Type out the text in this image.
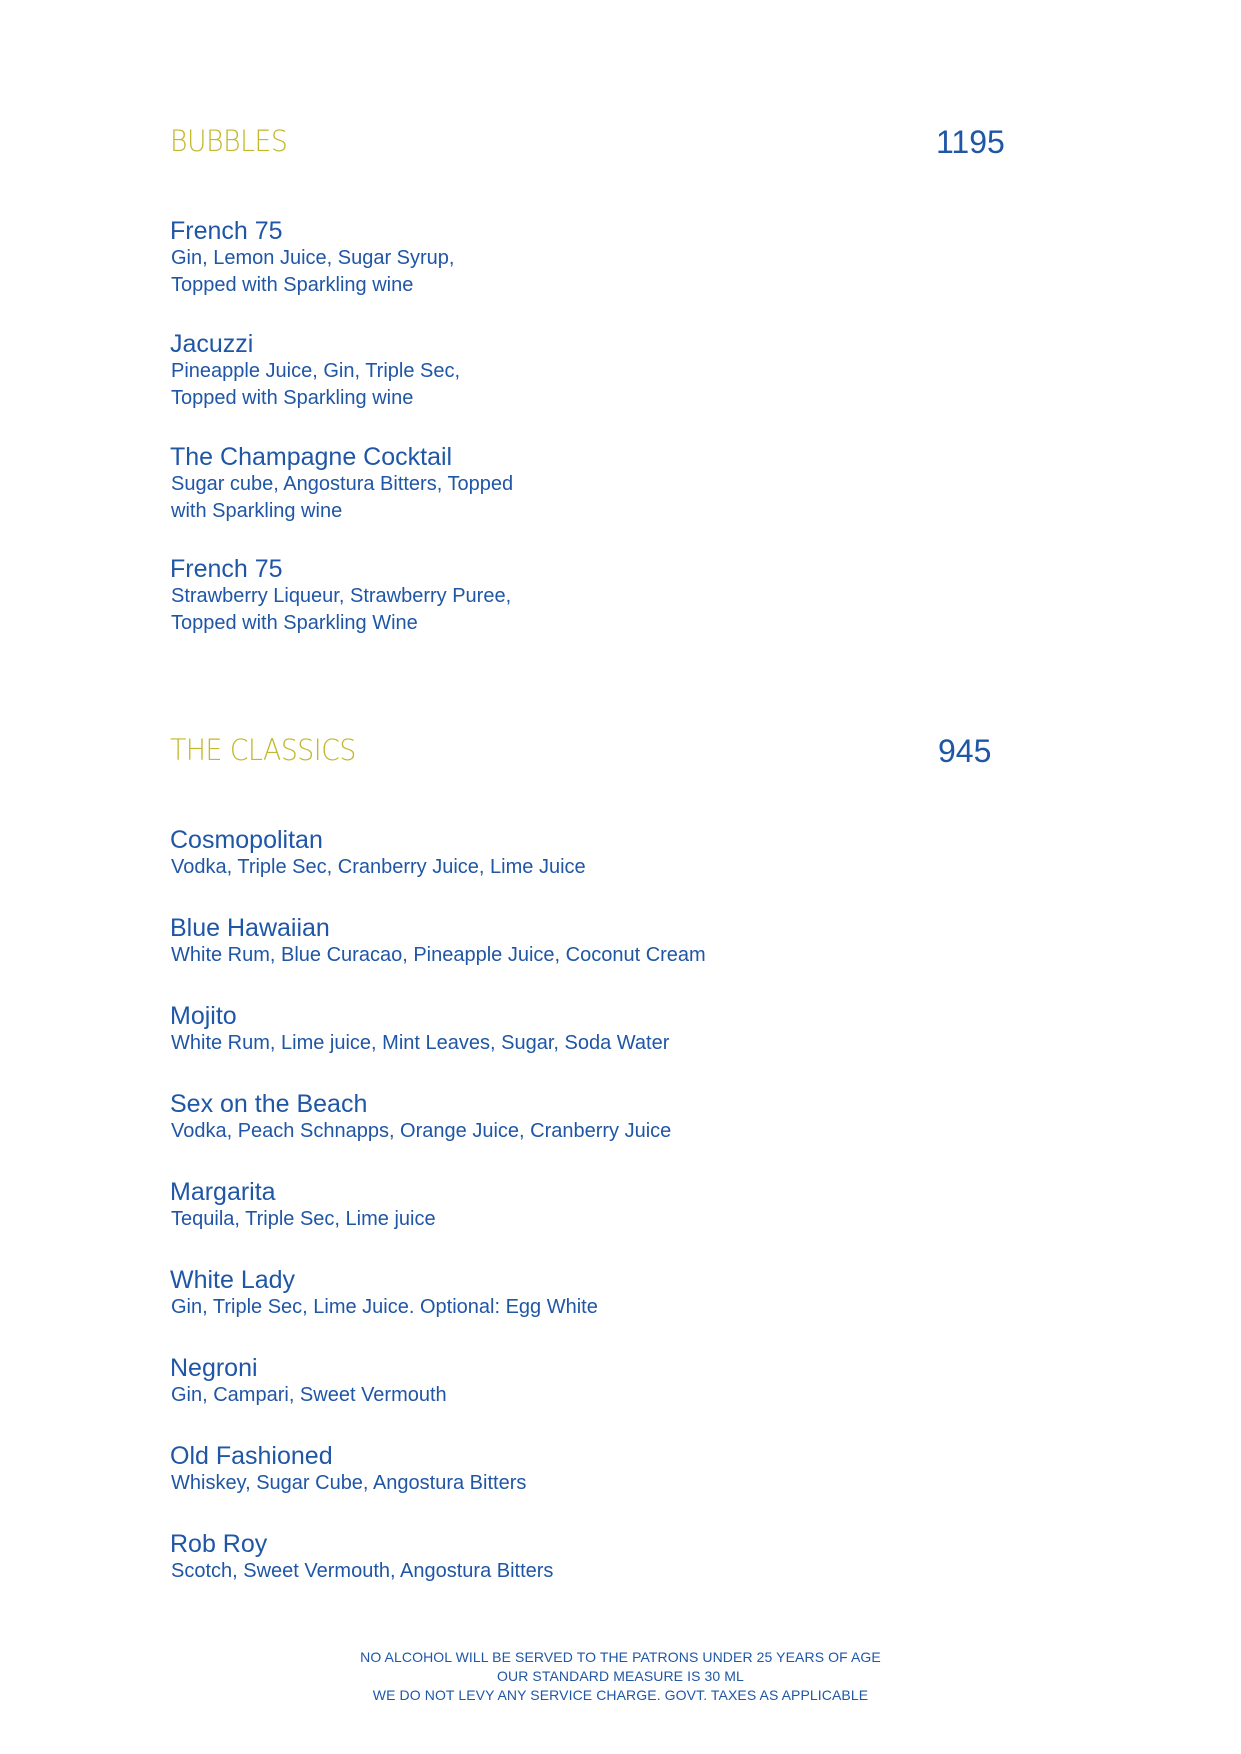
BUBBLES	1195
French 75
Gin, Lemon Juice, Sugar Syrup,
Topped with Sparkling wine
Jacuzzi
Pineapple Juice, Gin, Triple Sec,
Topped with Sparkling wine
The Champagne Cocktail
Sugar cube, Angostura Bitters, Topped
with Sparkling wine
French 75
Strawberry Liqueur, Strawberry Puree,
Topped with Sparkling Wine
THE CLASSICS	945
Cosmopolitan
Vodka, Triple Sec, Cranberry Juice, Lime Juice
Blue Hawaiian
White Rum, Blue Curacao, Pineapple Juice, Coconut Cream
Mojito
White Rum, Lime juice, Mint Leaves, Sugar, Soda Water
Sex on the Beach
Vodka, Peach Schnapps, Orange Juice, Cranberry Juice
Margarita
Tequila, Triple Sec, Lime juice
White Lady
Gin, Triple Sec, Lime Juice. Optional: Egg White
Negroni
Gin, Campari, Sweet Vermouth
Old Fashioned
Whiskey, Sugar Cube, Angostura Bitters
Rob Roy
Scotch, Sweet Vermouth, Angostura Bitters
NO ALCOHOL WILL BE SERVED TO THE PATRONS UNDER 25 YEARS OF AGE
OUR STANDARD MEASURE IS 30 ML
WE DO NOT LEVY ANY SERVICE CHARGE. GOVT. TAXES AS APPLICABLE
